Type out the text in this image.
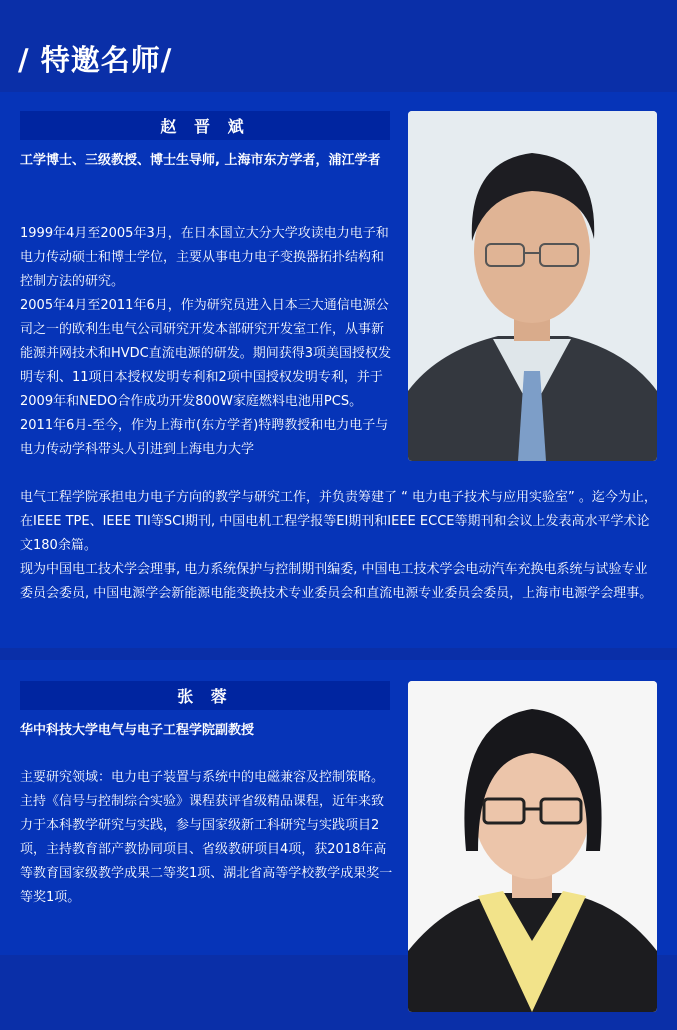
/ 特邀名师/
赵 晋 斌
工学博士、三级教授、博士生导师, 上海市东方学者，浦江学者

1999年4月至2005年3月，在日本国立大分大学攻读电力电子和电力传动硕士和博士学位，主要从事电力电子变换器拓扑结构和控制方法的研究。

2005年4月至2011年6月，作为研究员进入日本三大通信电源公司之一的欧利生电气公司研究开发本部研究开发室工作，从事新能源并网技术和HVDC直流电源的研发。期间获得3项美国授权发明专利、11项日本授权发明专利和2项中国授权发明专利，并于2009年和NEDO合作成功开发800W家庭燃料电池用PCS。

2011年6月-至今，作为上海市(东方学者)特聘教授和电力电子与电力传动学科带头人引进到上海电力大学

电气工程学院承担电力电子方向的教学与研究工作，并负责筹建了 “ 电力电子技术与应用实验室” 。迄今为止，在IEEE TPE、IEEE TII等SCI期刊, 中国电机工程学报等EI期刊和IEEE ECCE等期刊和会议上发表高水平学术论文180余篇。

现为中国电工技术学会理事, 电力系统保护与控制期刊编委, 中国电工技术学会电动汽车充换电系统与试验专业委员会委员, 中国电源学会新能源电能变换技术专业委员会和直流电源专业委员会委员，上海市电源学会理事。

张 蓉
华中科技大学电气与电子工程学院副教授

主要研究领域：电力电子装置与系统中的电磁兼容及控制策略。主持《信号与控制综合实验》课程获评省级精品课程，近年来致力于本科教学研究与实践，参与国家级新工科研究与实践项目2项，主持教育部产教协同项目、省级教研项目4项，获2018年高等教育国家级教学成果二等奖1项、湖北省高等学校教学成果奖一等奖1项。
